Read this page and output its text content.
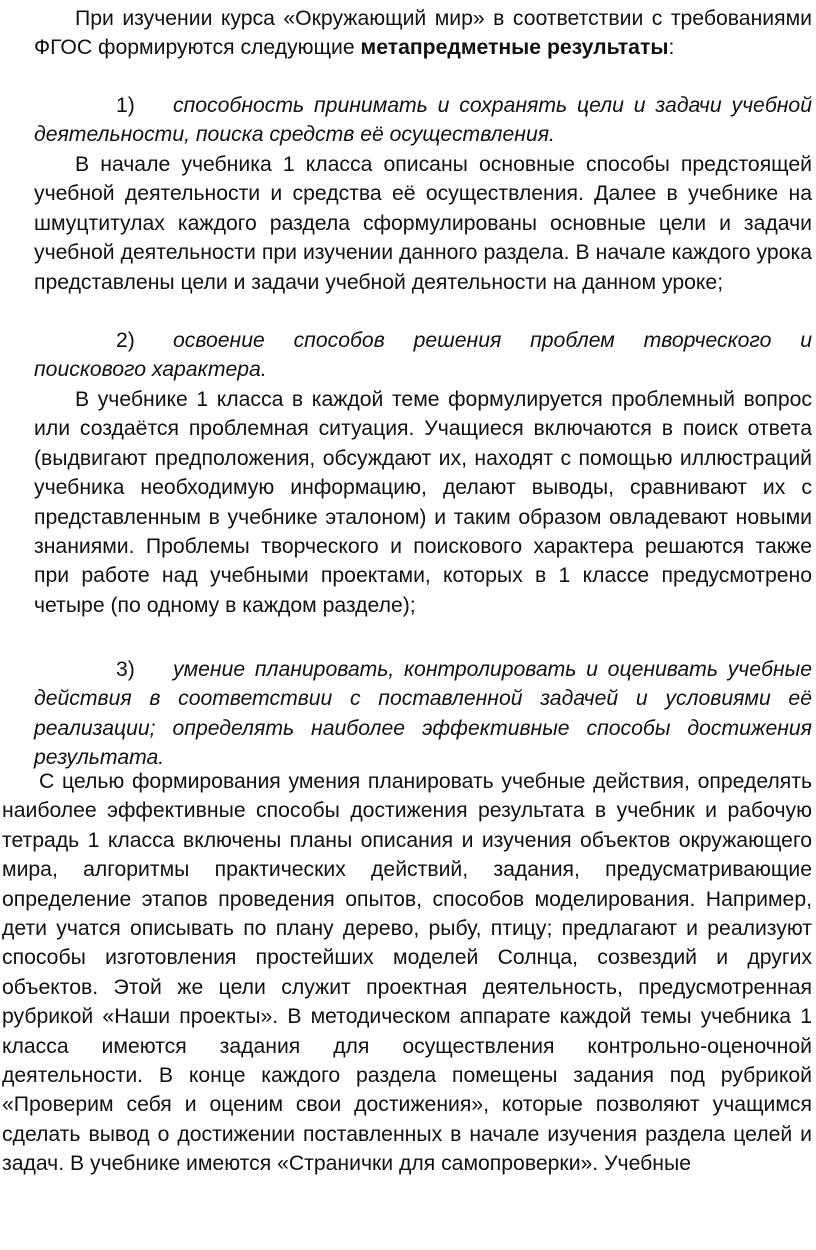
При изучении курса «Окружающий мир» в соответствии с требованиями ФГОС формируются следующие метапредметные результаты:

1) способность принимать и сохранять цели и задачи учебной деятельности, поиска средств её осуществления.

В начале учебника 1 класса описаны основные способы предстоящей учебной деятельности и средства её осуществления. Далее в учебнике на шмуцтитулах каждого раздела сформулированы основные цели и задачи учебной деятельности при изучении данного раздела. В начале каждого урока представлены цели и задачи учебной деятельности на данном уроке;

2) освоение способов решения проблем творческого и поискового характера.

В учебнике 1 класса в каждой теме формулируется проблемный вопрос или создаётся проблемная ситуация. Учащиеся включаются в поиск ответа (выдвигают предположения, обсуждают их, находят с помощью иллюстраций учебника необходимую информацию, делают выводы, сравнивают их с представленным в учебнике эталоном) и таким образом овладевают новыми знаниями. Проблемы творческого и поискового характера решаются также при работе над учебными проектами, которых в 1 классе предусмотрено четыре (по одному в каждом разделе);

3) умение планировать, контролировать и оценивать учебные действия в соответствии с поставленной задачей и условиями её реализации; определять наиболее эффективные способы достижения результата.

С целью формирования умения планировать учебные действия, определять наиболее эффективные способы достижения результата в учебник и рабочую тетрадь 1 класса включены планы описания и изучения объектов окружающего мира, алгоритмы практических действий, задания, предусматривающие определение этапов проведения опытов, способов моделирования. Например, дети учатся описывать по плану дерево, рыбу, птицу; предлагают и реализуют способы изготовления простейших моделей Солнца, созвездий и других объектов. Этой же цели служит проектная деятельность, предусмотренная рубрикой «Наши проекты». В методическом аппарате каждой темы учебника 1 класса имеются задания для осуществления контрольно-оценочной деятельности. В конце каждого раздела помещены задания под рубрикой «Проверим себя и оценим свои достижения», которые позволяют учащимся сделать вывод о достижении поставленных в начале изучения раздела целей и задач. В учебнике имеются «Странички для самопроверки». Учебные
